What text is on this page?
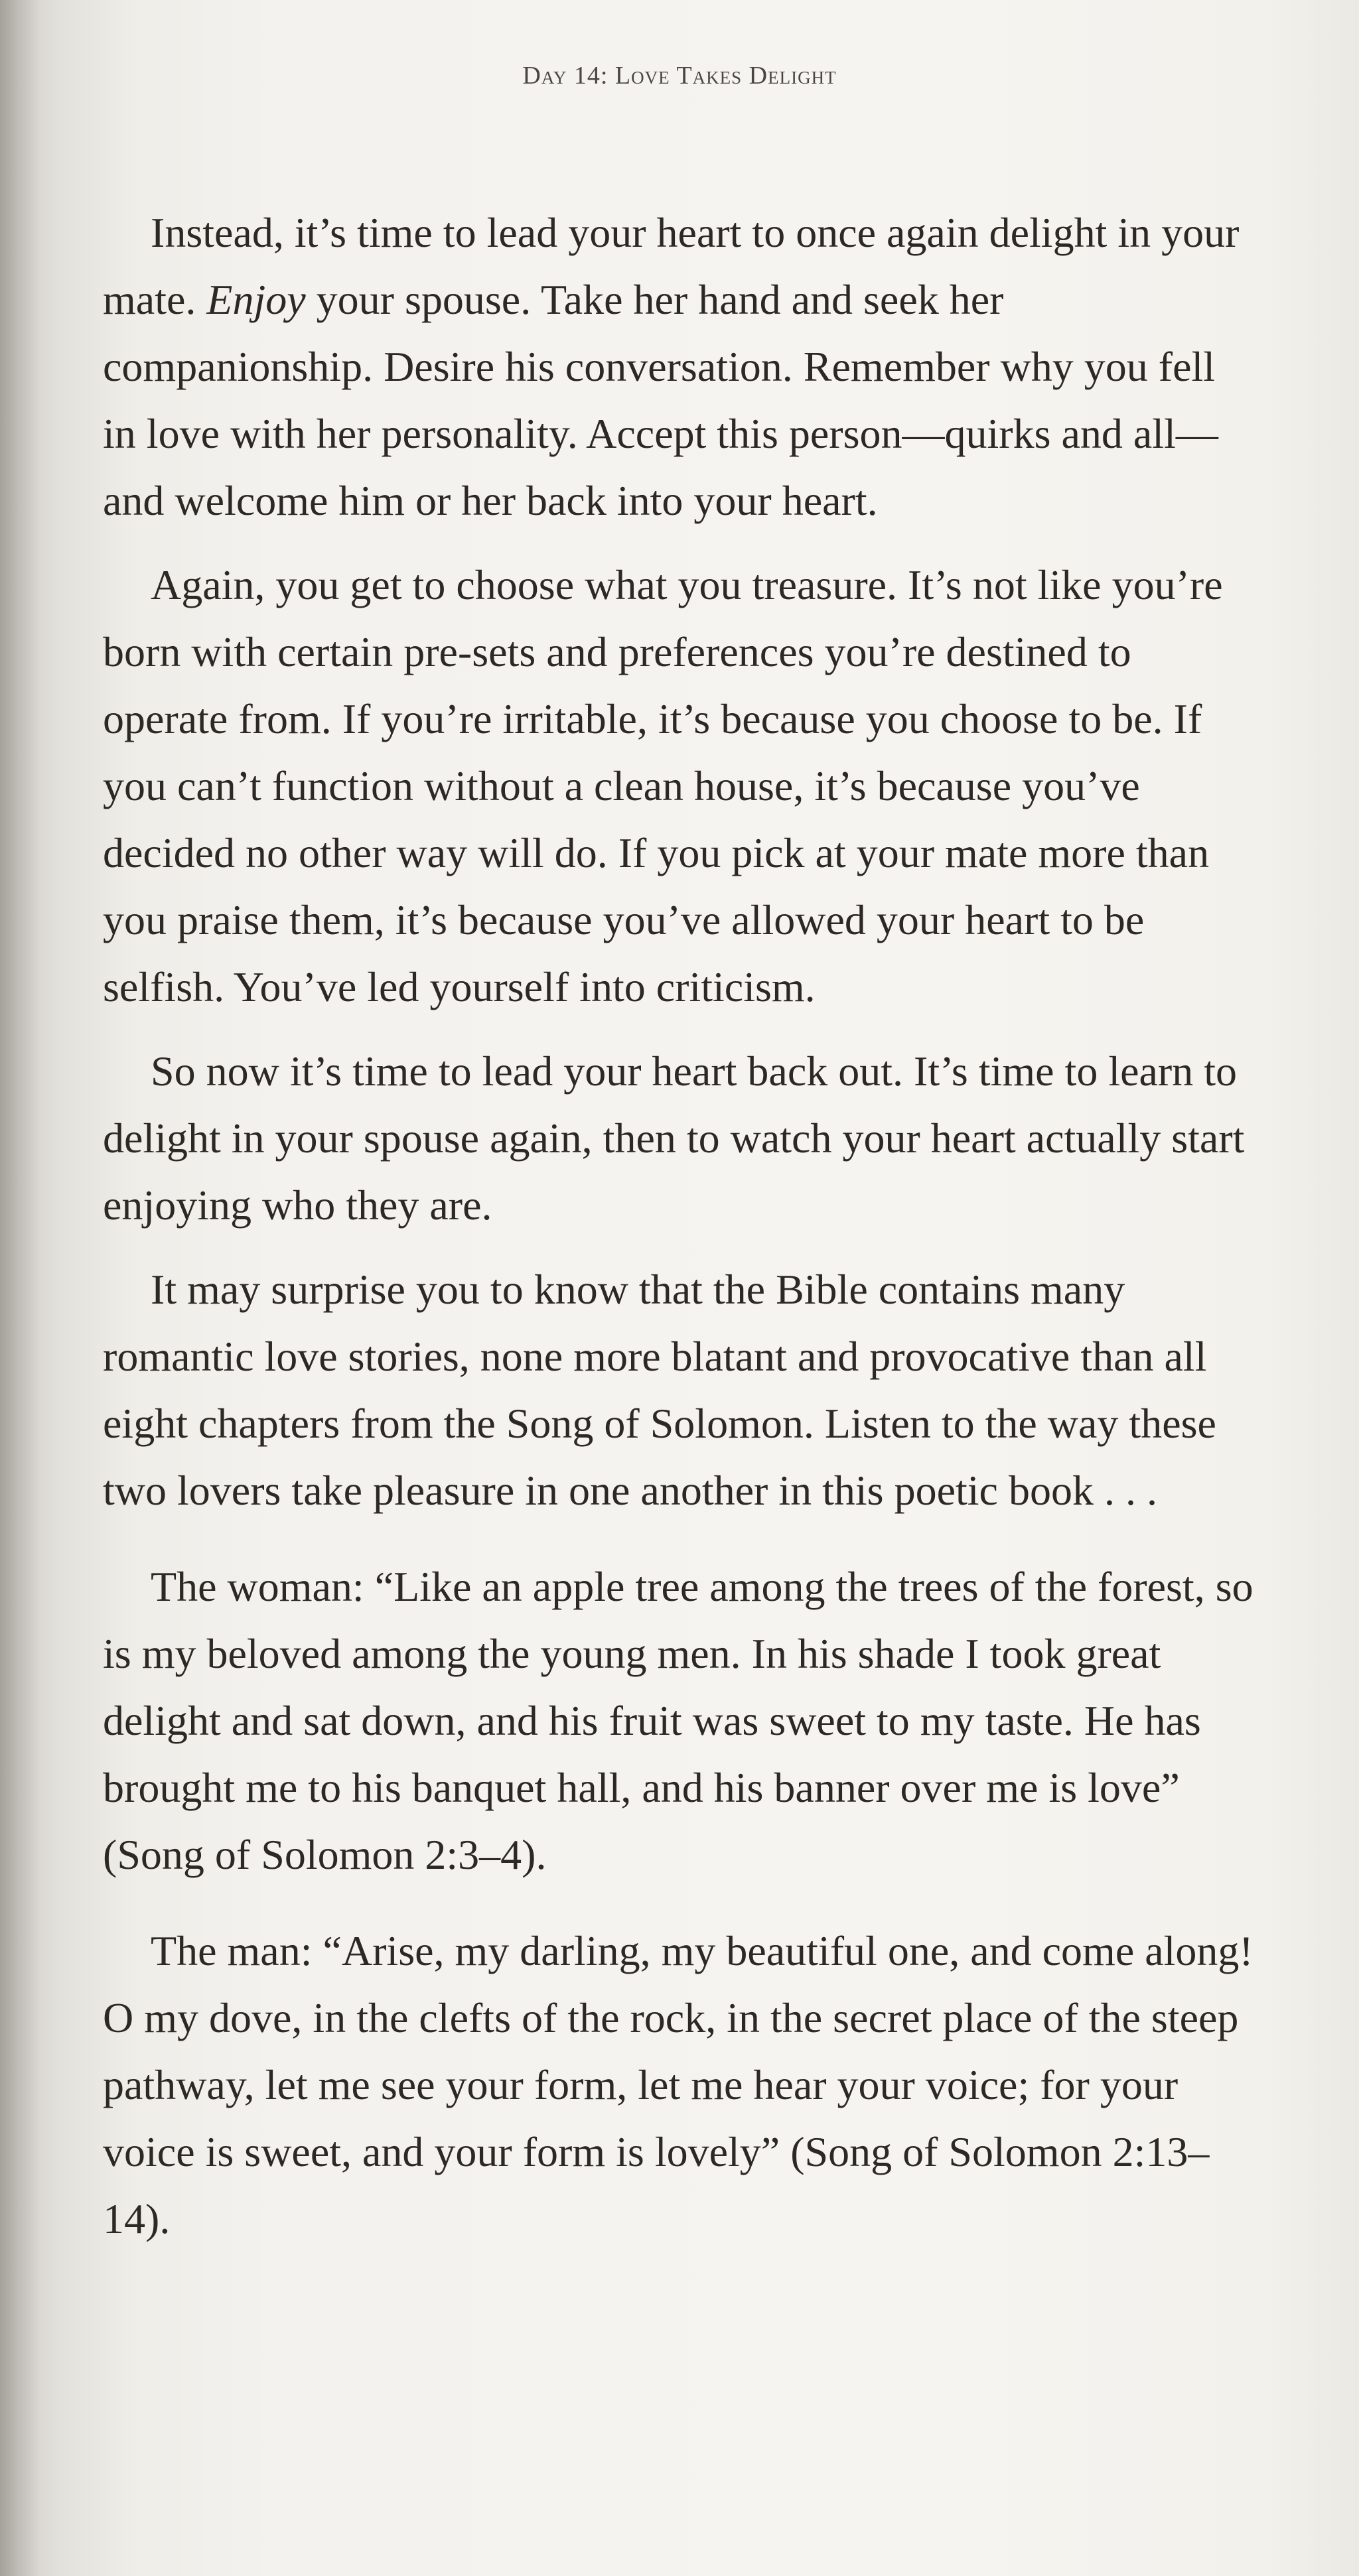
Day 14: Love Takes Delight

Instead, it’s time to lead your heart to once again delight in your mate. Enjoy your spouse. Take her hand and seek her companionship. Desire his conversation. Remember why you fell in love with her personality. Accept this person—quirks and all—and welcome him or her back into your heart.

Again, you get to choose what you treasure. It’s not like you’re born with certain pre-sets and preferences you’re destined to operate from. If you’re irritable, it’s because you choose to be. If you can’t function without a clean house, it’s because you’ve decided no other way will do. If you pick at your mate more than you praise them, it’s because you’ve allowed your heart to be selfish. You’ve led yourself into criticism.

So now it’s time to lead your heart back out. It’s time to learn to delight in your spouse again, then to watch your heart actually start enjoying who they are.

It may surprise you to know that the Bible contains many romantic love stories, none more blatant and provocative than all eight chapters from the Song of Solomon. Listen to the way these two lovers take pleasure in one another in this poetic book . . .

The woman: “Like an apple tree among the trees of the forest, so is my beloved among the young men. In his shade I took great delight and sat down, and his fruit was sweet to my taste. He has brought me to his banquet hall, and his banner over me is love” (Song of Solomon 2:3–4).

The man: “Arise, my darling, my beautiful one, and come along! O my dove, in the clefts of the rock, in the secret place of the steep pathway, let me see your form, let me hear your voice; for your voice is sweet, and your form is lovely” (Song of Solomon 2:13–14).
